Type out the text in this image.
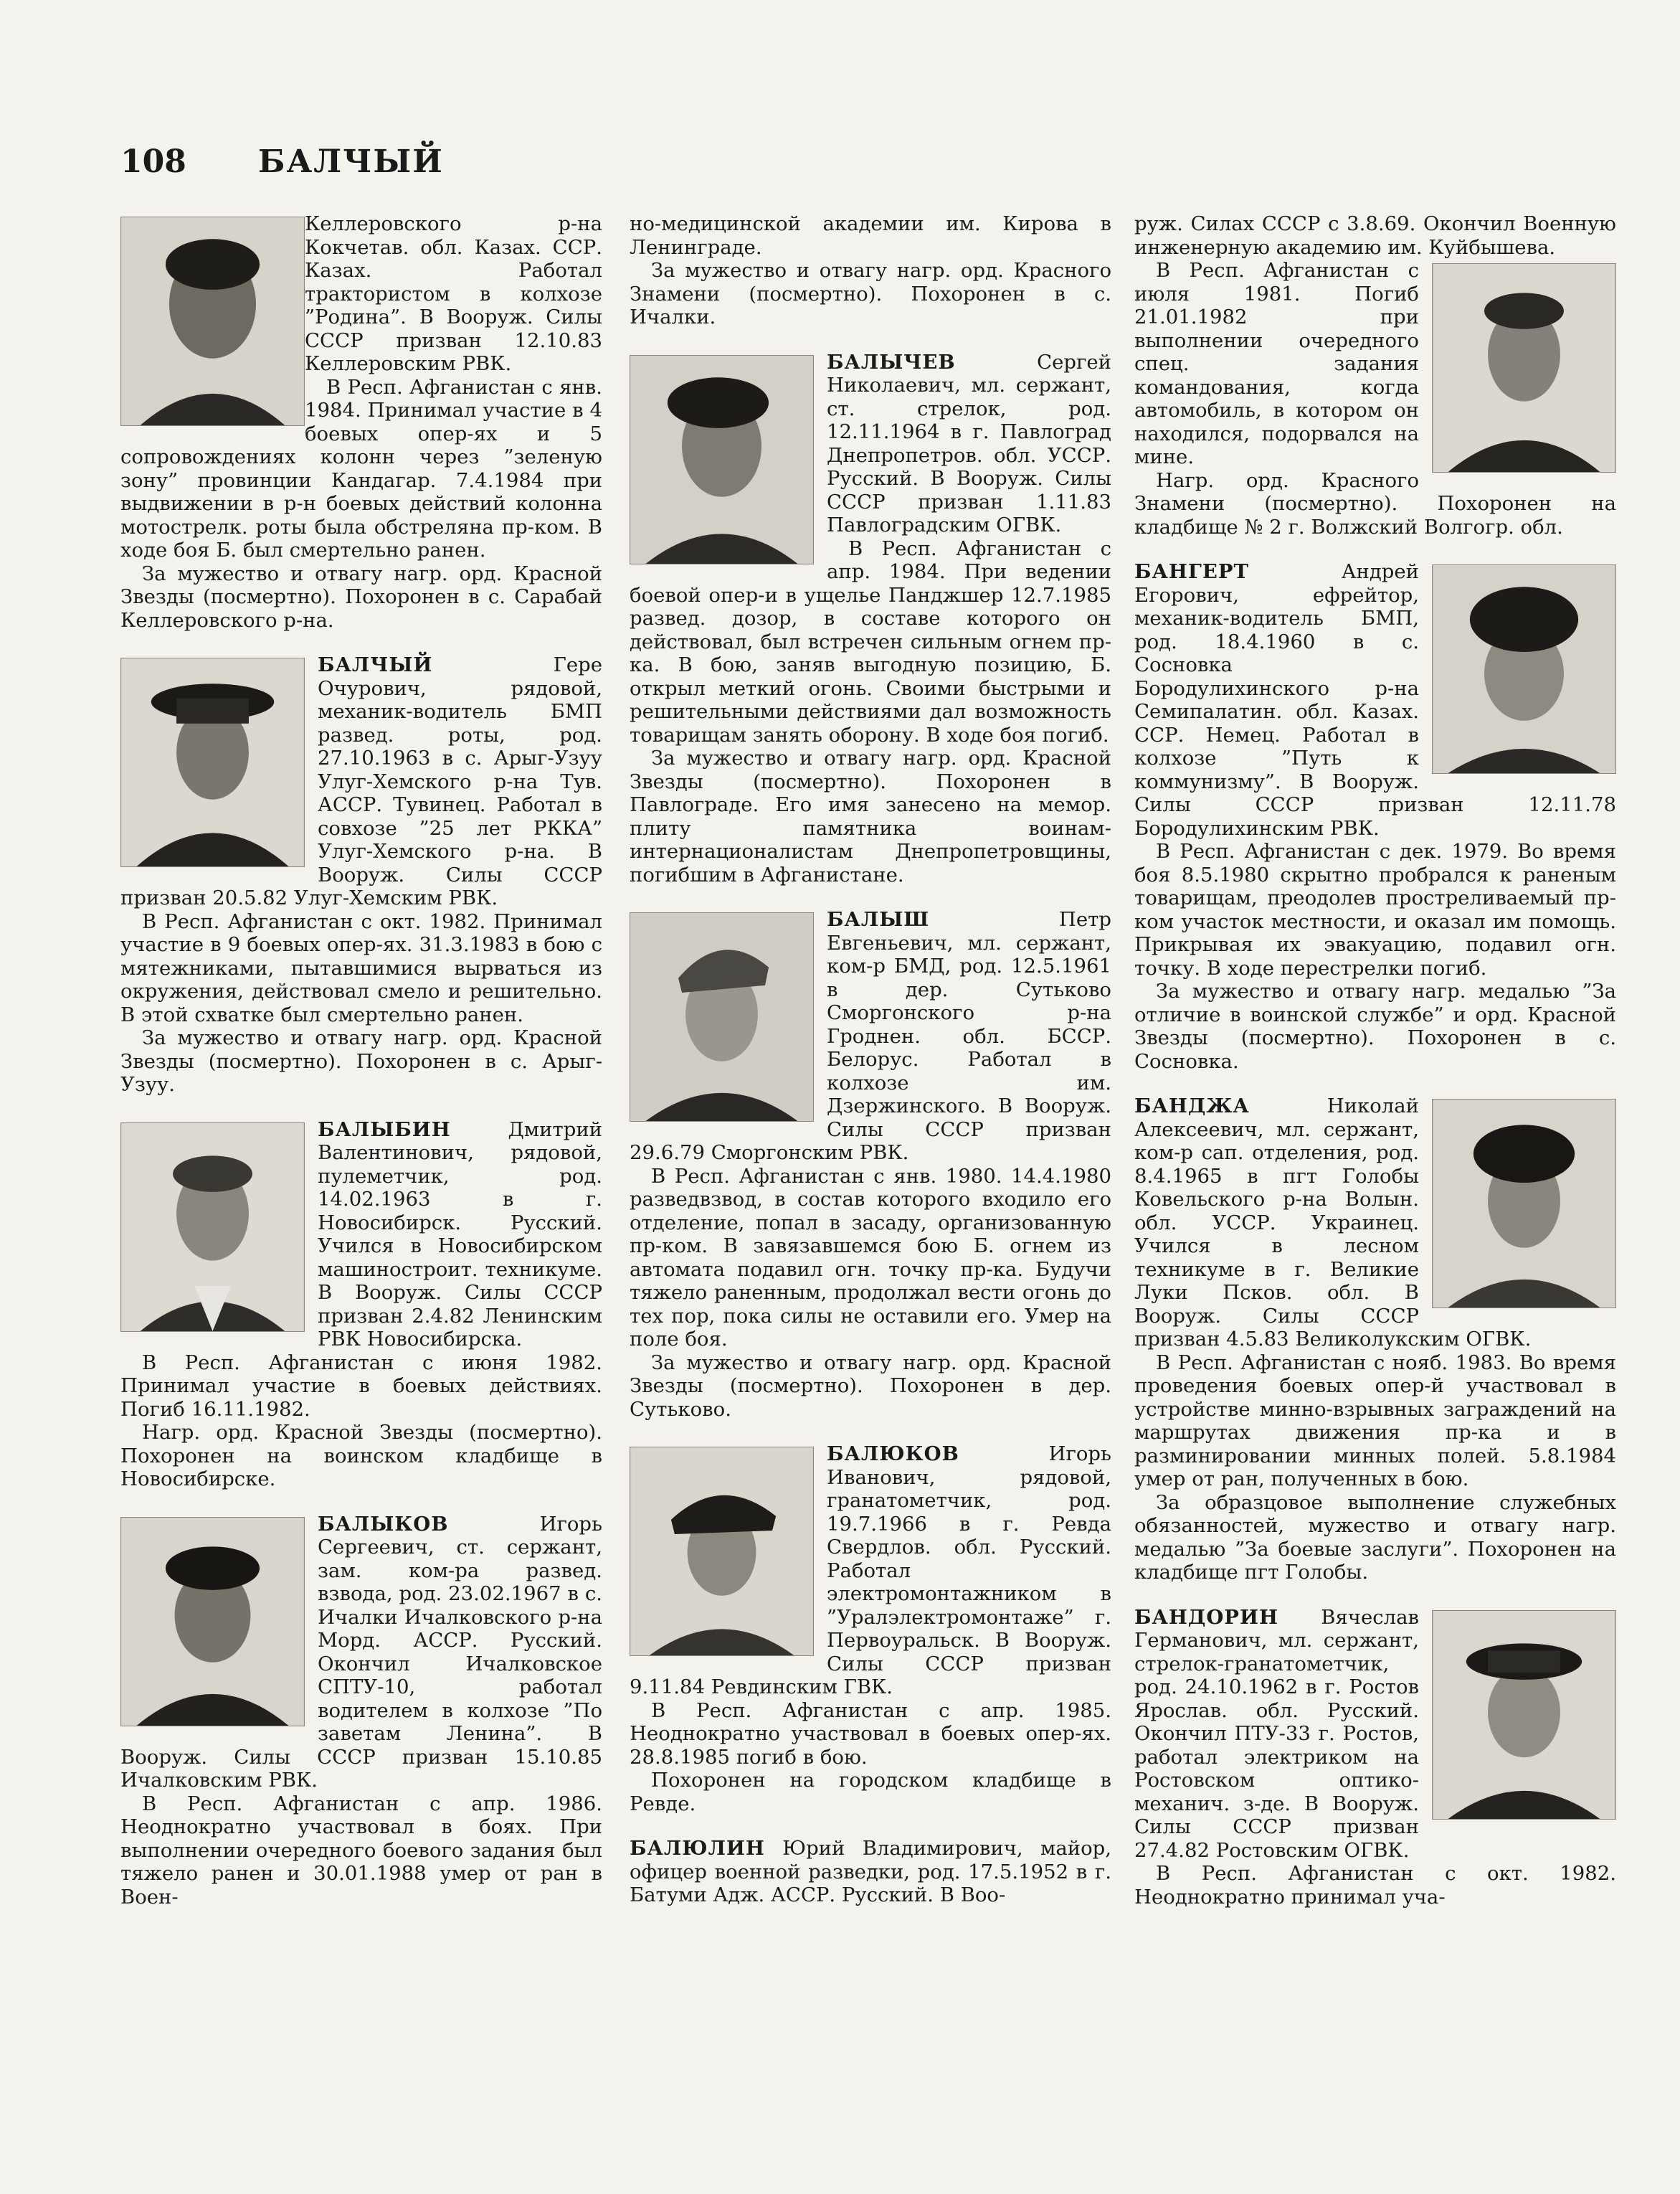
108 БАЛЧЫЙ

Келлеровского р-на Кокчетав. обл. Казах. ССР. Казах. Работал трактористом в колхозе ”Родина”. В Вооруж. Силы СССР призван 12.10.83 Келлеровским РВК.

В Респ. Афганистан с янв. 1984. Принимал участие в 4 боевых опер-ях и 5 сопровождениях колонн через ”зеленую зону” провинции Кандагар. 7.4.1984 при выдвижении в р-н боевых действий колонна мотострелк. роты была обстреляна пр-ком. В ходе боя Б. был смертельно ранен.

За мужество и отвагу нагр. орд. Красной Звезды (посмертно). Похоронен в с. Сарабай Келлеровского р-на.

БАЛЧЫЙ	Гере Очурович, рядовой, механик-водитель БМП развед. роты, род. 27.10.1963 в с. Арыг-Узуу Улуг-Хемского р-на Тув. АССР. Тувинец. Работал в совхозе ”25 лет РККА” Улуг-Хемского р-на. В Вооруж. Силы СССР призван 20.5.82 Улуг-Хемским РВК.

В Респ. Афганистан с окт. 1982. Принимал участие в 9 боевых опер-ях. 31.3.1983 в бою с мятежниками, пытавшимися вырваться из окружения, действовал смело и решительно. В этой схватке был смертельно ранен.

За мужество и отвагу нагр. орд. Красной Звезды (посмертно). Похоронен в с. Арыг-Узуу.

БАЛЫБИН	Дмитрий Валентинович, рядовой, пулеметчик, род. 14.02.1963 в г. Новосибирск. Русский. Учился в Новосибирском машиностроит. техникуме. В Вооруж. Силы СССР призван 2.4.82 Ленинским РВК Новосибирска.

В Респ. Афганистан с июня 1982. Принимал участие в боевых действиях. Погиб 16.11.1982.

Нагр. орд. Красной Звезды (посмертно). Похоронен на воинском кладбище в Новосибирске.

БАЛЫКОВ	Игорь Сергеевич, ст. сержант, зам. ком-ра развед. взвода, род. 23.02.1967 в с. Ичалки Ичалковского р-на Морд. АССР. Русский. Окончил Ичалковское СПТУ-10, работал водителем в колхозе ”По заветам Ленина”. В Вооруж. Силы СССР призван 15.10.85 Ичалковским РВК.

В Респ. Афганистан с апр. 1986. Неоднократно участвовал в боях. При выполнении очередного боевого задания был тяжело ранен и 30.01.1988 умер от ран в Воен-

но-медицинской академии им. Кирова в Ленинграде.

За мужество и отвагу нагр. орд. Красного Знамени (посмертно). Похоронен в с. Ичалки.

БАЛЫЧЕВ	Сергей Николаевич, мл. сержант, ст. стрелок, род. 12.11.1964 в г. Павлоград Днепропетров. обл. УССР. Русский. В Вооруж. Силы СССР призван 1.11.83 Павлоградским ОГВК.

В Респ. Афганистан с апр. 1984. При ведении боевой опер-и в ущелье Панджшер 12.7.1985 развед. дозор, в составе которого он действовал, был встречен сильным огнем пр-ка. В бою, заняв выгодную позицию, Б. открыл меткий огонь. Своими быстрыми и решительными действиями дал возможность товарищам занять оборону. В ходе боя погиб.

За мужество и отвагу нагр. орд. Красной Звезды (посмертно). Похоронен в Павлограде. Его имя занесено на мемор. плиту памятника воинам-интернационалистам Днепропетровщины, погибшим в Афганистане.

БАЛЫШ	Петр Евгеньевич, мл. сержант, ком-р БМД, род. 12.5.1961 в дер. Сутьково Сморгонского р-на Гроднен. обл. БССР. Белорус. Работал в колхозе им. Дзержинского. В Вооруж. Силы СССР призван 29.6.79 Сморгонским РВК.

В Респ. Афганистан с янв. 1980. 14.4.1980 разведвзвод, в состав которого входило его отделение, попал в засаду, организованную пр-ком. В завязавшемся бою Б. огнем из автомата подавил огн. точку пр-ка. Будучи тяжело раненным, продолжал вести огонь до тех пор, пока силы не оставили его. Умер на поле боя.

За мужество и отвагу нагр. орд. Красной Звезды (посмертно). Похоронен в дер. Сутьково.

БАЛЮКОВ	Игорь Иванович, рядовой, гранатометчик, род. 19.7.1966 в г. Ревда Свердлов. обл. Русский. Работал электромонтажником в ”Уралэлектромонтаже” г. Первоуральск. В Вооруж. Силы СССР призван 9.11.84 Ревдинским ГВК.

В Респ. Афганистан с апр. 1985. Неоднократно участвовал в боевых опер-ях. 28.8.1985 погиб в бою.

Похоронен на городском кладбище в Ревде.

БАЛЮЛИН Юрий Владимирович, майор, офицер военной разведки, род. 17.5.1952 в г. Батуми Адж. АССР. Русский. В Воо-

руж. Силах СССР с 3.8.69. Окончил Военную инженерную академию им. Куйбышева.

В Респ. Афганистан с июля 1981. Погиб 21.01.1982 при выполнении очередного спец. задания командования, когда автомобиль, в котором он находился, подорвался на мине.

Нагр. орд. Красного Знамени (посмертно). Похоронен на кладбище № 2 г. Волжский Волгогр. обл.

БАНГЕРТ	Андрей Егорович, ефрейтор, механик-водитель БМП, род. 18.4.1960 в с. Сосновка Бородулихинского р-на Семипалатин. обл. Казах. ССР. Немец. Работал в колхозе ”Путь к коммунизму”. В Вооруж. Силы СССР призван 12.11.78 Бородулихинским РВК.

В Респ. Афганистан с дек. 1979. Во время боя 8.5.1980 скрытно пробрался к раненым товарищам, преодолев простреливаемый пр-ком участок местности, и оказал им помощь. Прикрывая их эвакуацию, подавил огн. точку. В ходе перестрелки погиб.

За мужество и отвагу нагр. медалью ”За отличие в воинской службе” и орд. Красной Звезды (посмертно). Похоронен в с. Сосновка.

БАНДЖА	Николай Алексеевич, мл. сержант, ком-р сап. отделения, род. 8.4.1965 в пгт Голобы Ковельского р-на Волын. обл. УССР. Украинец. Учился в лесном техникуме в г. Великие Луки Псков. обл. В Вооруж. Силы СССР призван 4.5.83 Великолукским ОГВК.

В Респ. Афганистан с нояб. 1983. Во время проведения боевых опер-й участвовал в устройстве минно-взрывных заграждений на маршрутах движения пр-ка и в разминировании минных полей. 5.8.1984 умер от ран, полученных в бою.

За образцовое выполнение служебных обязанностей, мужество и отвагу нагр. медалью ”За боевые заслуги”. Похоронен на кладбище пгт Голобы.

БАНДОРИН Вячеслав Германович, мл. сержант, стрелок-гранатометчик, род. 24.10.1962 в г. Ростов Ярослав. обл. Русский. Окончил ПТУ-33 г. Ростов, работал электриком на Ростовском оптико-механич. з-де. В Вооруж. Силы СССР призван 27.4.82 Ростовским ОГВК.

В Респ. Афганистан с окт. 1982. Неоднократно принимал уча-
